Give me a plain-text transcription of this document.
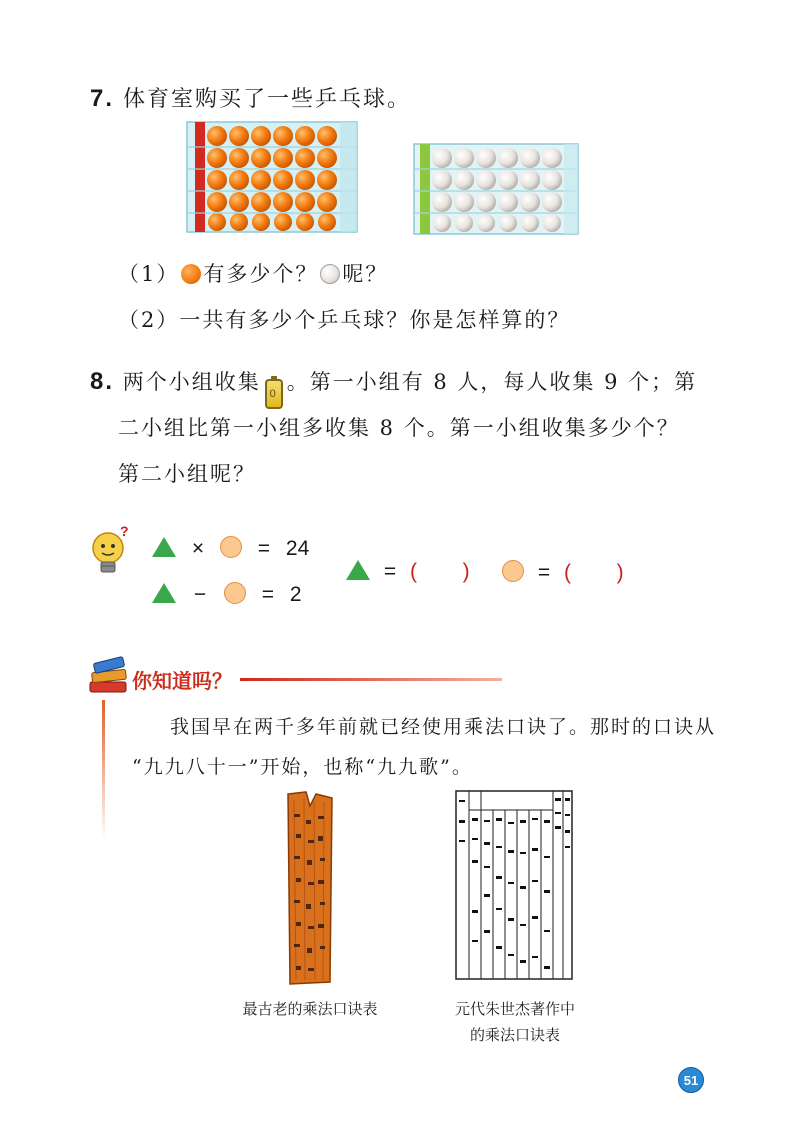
7. 体育室购买了一些乒乓球。
（1） 有多少个？ 呢？
（2）一共有多少个乒乓球？你是怎样算的？
8. 两个小组收集 0 。第一小组有 8 人，每人收集 9 个；第
二小组比第一小组多收集 8 个。第一小组收集多少个？
第二小组呢？
?
×	= 24
−	= 2
= ( )	= ( )
你知道吗？
我国早在两千多年前就已经使用乘法口诀了。那时的口诀从
“九九八十一”开始，也称“九九歌”。
最古老的乘法口诀表	元代朱世杰著作中
的乘法口诀表
51
